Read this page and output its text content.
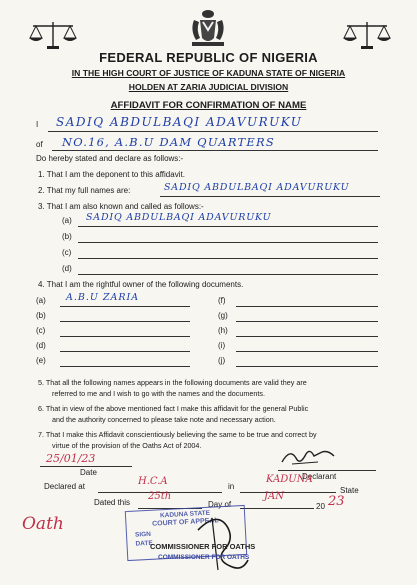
FEDERAL REPUBLIC OF NIGERIA
IN THE HIGH COURT OF JUSTICE OF KADUNA STATE OF NIGERIA
HOLDEN AT ZARIA JUDICIAL DIVISION
AFFIDAVIT FOR CONFIRMATION OF NAME
I SADIQ ABDULBAQI ADAVURUKU
of NO.16, A.B.U DAM QUARTERS
Do hereby stated and declare as follows:-
1. That I am the deponent to this affidavit.
2. That my full names are:	SADIQ ABDULBAQI ADAVURUKU
3. That I am also known and called as follows:-
(a) SADIQ ABDULBAQI ADAVURUKU
(b)
(c)
(d)
4. That I am the rightful owner of the following documents.
(a) A.B.U ZARIA
(b)
(c)
(d)
(e)
(f)
(g)
(h)
(i)
(j)
5. That all the following names appears in the following documents are valid they are
referred to me and I wish to go with the names and the documents.
6. That in view of the above mentioned fact I make this affidavit for the general Public
and the authority concerned to please take note and necessary action.
7. That I make this Affidavit conscientiously believing the same to be true and correct by
virtue of the provision of the Oaths Act of 2004.
25/01/23
Date	Declarant
Declared at	H.C.A	in
KADUNA
State
Dated this
25th
Day of
JAN
20 23
KADUNA STATE
COURT OF APPEAL
SIGN
DATE
COMMISSIONER FOR OATHS
COMMISSIONER FOR OATHS
Oath
